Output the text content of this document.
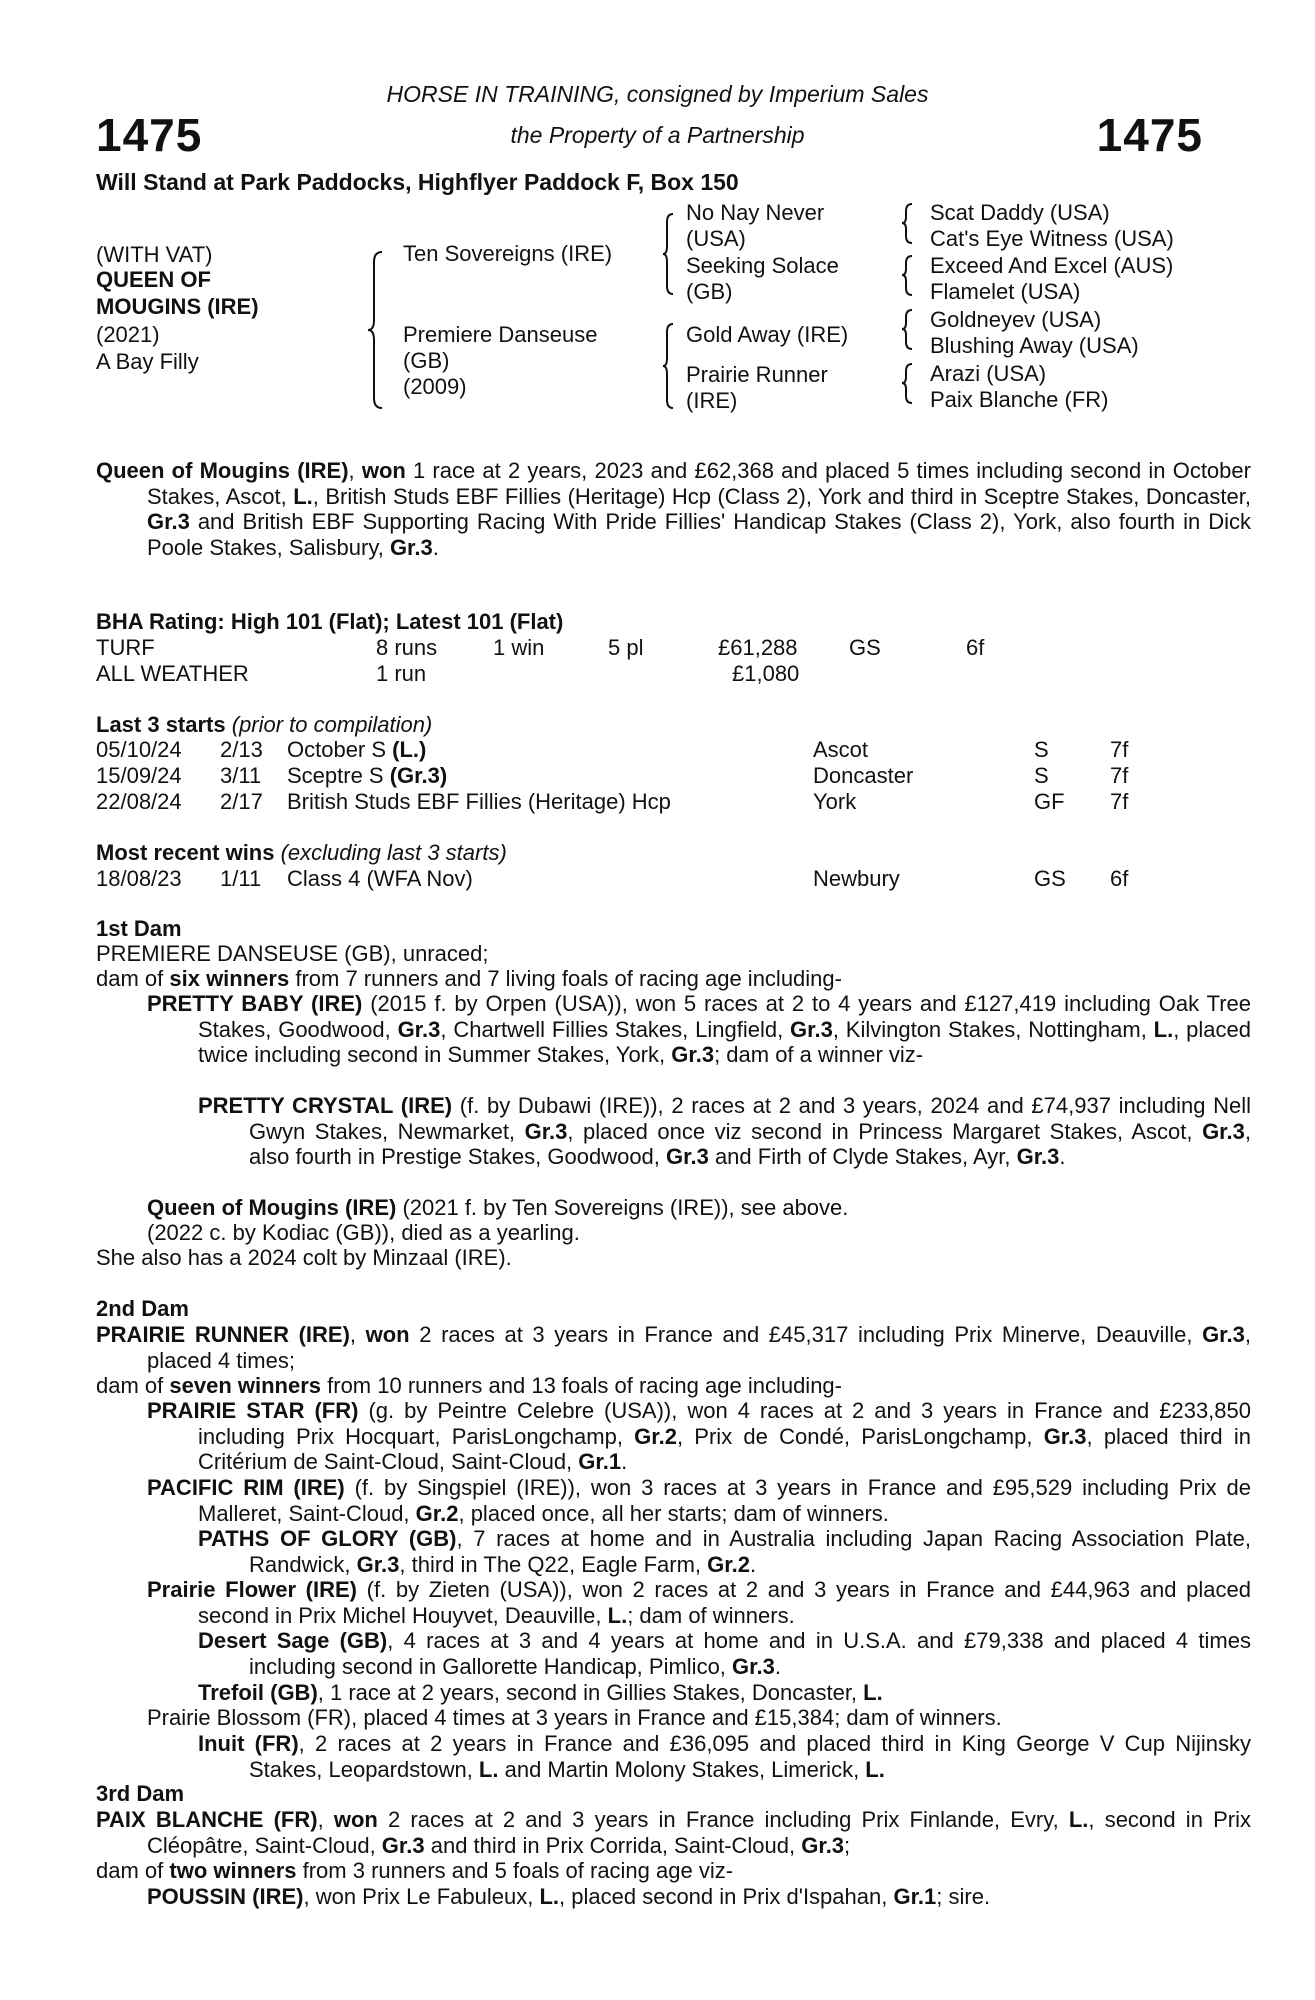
1475	1475
HORSE IN TRAINING, consigned by Imperium Sales
the Property of a Partnership
Will Stand at Park Paddocks, Highflyer Paddock F, Box 150
(WITH VAT)
QUEEN OF
MOUGINS (IRE)
(2021)
A Bay Filly
Ten Sovereigns (IRE)
Premiere Danseuse
(GB)
(2009)
No Nay Never
(USA)
Seeking Solace
(GB)
Gold Away (IRE)
Prairie Runner
(IRE)
Scat Daddy (USA)
Cat's Eye Witness (USA)
Exceed And Excel (AUS)
Flamelet (USA)
Goldneyev (USA)
Blushing Away (USA)
Arazi (USA)
Paix Blanche (FR)
Queen of Mougins (IRE), won 1 race at 2 years, 2023 and £62,368 and placed 5 times including second in October Stakes, Ascot, L., British Studs EBF Fillies (Heritage) Hcp (Class 2), York and third in Sceptre Stakes, Doncaster, Gr.3 and British EBF Supporting Racing With Pride Fillies' Handicap Stakes (Class 2), York, also fourth in Dick Poole Stakes, Salisbury, Gr.3.
BHA Rating: High 101 (Flat); Latest 101 (Flat)
TURF	8 runs	1 win	5 pl	£61,288 GS	6f
ALL WEATHER	1 run	£1,080
Last 3 starts (prior to compilation)
05/10/24 2/13 October S (L.)	Ascot	S	7f
15/09/24 3/11 Sceptre S (Gr.3)	Doncaster	S	7f
22/08/24 2/17 British Studs EBF Fillies (Heritage) Hcp	York	GF 7f
Most recent wins (excluding last 3 starts)
18/08/23 1/11 Class 4 (WFA Nov)	Newbury	GS 6f
1st Dam
PREMIERE DANSEUSE (GB), unraced;
dam of six winners from 7 runners and 7 living foals of racing age including-
PRETTY BABY (IRE) (2015 f. by Orpen (USA)), won 5 races at 2 to 4 years and £127,419 including Oak Tree Stakes, Goodwood, Gr.3, Chartwell Fillies Stakes, Lingfield, Gr.3, Kilvington Stakes, Nottingham, L., placed twice including second in Summer Stakes, York, Gr.3; dam of a winner viz-
PRETTY CRYSTAL (IRE) (f. by Dubawi (IRE)), 2 races at 2 and 3 years, 2024 and £74,937 including Nell Gwyn Stakes, Newmarket, Gr.3, placed once viz second in Princess Margaret Stakes, Ascot, Gr.3, also fourth in Prestige Stakes, Goodwood, Gr.3 and Firth of Clyde Stakes, Ayr, Gr.3.
Queen of Mougins (IRE) (2021 f. by Ten Sovereigns (IRE)), see above.
(2022 c. by Kodiac (GB)), died as a yearling.
She also has a 2024 colt by Minzaal (IRE).
2nd Dam
PRAIRIE RUNNER (IRE), won 2 races at 3 years in France and £45,317 including Prix Minerve, Deauville, Gr.3, placed 4 times;
dam of seven winners from 10 runners and 13 foals of racing age including-
PRAIRIE STAR (FR) (g. by Peintre Celebre (USA)), won 4 races at 2 and 3 years in France and £233,850 including Prix Hocquart, ParisLongchamp, Gr.2, Prix de Condé, ParisLongchamp, Gr.3, placed third in Critérium de Saint-Cloud, Saint-Cloud, Gr.1.
PACIFIC RIM (IRE) (f. by Singspiel (IRE)), won 3 races at 3 years in France and £95,529 including Prix de Malleret, Saint-Cloud, Gr.2, placed once, all her starts; dam of winners.
PATHS OF GLORY (GB), 7 races at home and in Australia including Japan Racing Association Plate, Randwick, Gr.3, third in The Q22, Eagle Farm, Gr.2.
Prairie Flower (IRE) (f. by Zieten (USA)), won 2 races at 2 and 3 years in France and £44,963 and placed second in Prix Michel Houyvet, Deauville, L.; dam of winners.
Desert Sage (GB), 4 races at 3 and 4 years at home and in U.S.A. and £79,338 and placed 4 times including second in Gallorette Handicap, Pimlico, Gr.3.
Trefoil (GB), 1 race at 2 years, second in Gillies Stakes, Doncaster, L.
Prairie Blossom (FR), placed 4 times at 3 years in France and £15,384; dam of winners.
Inuit (FR), 2 races at 2 years in France and £36,095 and placed third in King George V Cup Nijinsky Stakes, Leopardstown, L. and Martin Molony Stakes, Limerick, L.
3rd Dam
PAIX BLANCHE (FR), won 2 races at 2 and 3 years in France including Prix Finlande, Evry, L., second in Prix Cléopâtre, Saint-Cloud, Gr.3 and third in Prix Corrida, Saint-Cloud, Gr.3;
dam of two winners from 3 runners and 5 foals of racing age viz-
POUSSIN (IRE), won Prix Le Fabuleux, L., placed second in Prix d'Ispahan, Gr.1; sire.
